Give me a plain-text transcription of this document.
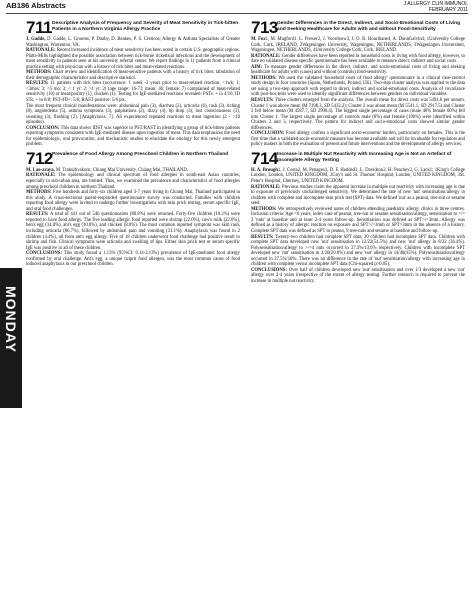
AB186 Abstracts	J ALLERGY CLIN IMMUNOL
FEBRUARY 2011
MONDAY
711 Descriptive Analysis of Frequency and Severity of Meat Sensitivity in Tick-bitten Patients in a Northern Virginia Allergy Practice

J. Gadde, D. Gadde, L. Grooms, P. Dauby, D. Beakes, P. S. Creticos; Allergy & Asthma Specialists of Greater Washington, Warrenton, VA.

RATIONALE: Recent increased incidence of meat sensitivity has been noted in certain U.S. geographic regions. Platts-Mills highlighted the possible association between tick-borne rickettsial infections and the development of meat sensitivity in patients seen at his university referral center. We report findings in 11 patients from a clinical practice setting with physician with a history of tick bites and meat-related reactions.

METHODS: Chart review and identification of meat-sensitive patients with a history of tick bites; tabulation of their demographic characteristics and descriptive statistics.

RESULTS: 11 patients with tick bites (occurrence: 1 week -2 years prior to meat-related reaction; <1wk: 1; <3mos: 3; <5 mo: 3; < 1 yr: 2; >1 yr: 2) (age range: 16-71; mean: 46; female: 7) complained of meat-related sensitivity (10) or meat/poultry (1), chicken (1). Testing for IgE-mediated reactions revealed: PSTs: + in 4/10; ID STs: + in 8/8; PST-/ID+: 5/6; RAST positive: 5/6 pts.

The most frequent clinical manifestations were: abdominal pain (3), diarrhea (2), urticaria (6), rash (3), itching (8), angioedema (5), asthma symptoms (3), palpitations (2), dizzy (4), bp drop (3), lost consciousness (3), sweating (3), flushing (2). [Anaphylaxis: 7]. All experienced repeated reactions to meat ingestion (2 - >10 episodes).

CONCLUSION: This data shows IDST was superior to PST/RAST in identifying a group of tick-bitten patients reporting symptoms consistent with IgE-mediated disease upon ingestion of meat. This data emphasizes the need for epidemiologic, oral provocation, and mechanistic studies to elucidate the etiology for this newly emergent problem.

712 Prevalence of Food Allergy Among Preschool Children in Northern Thailand

M. Lao-araya, M. Trakultivakorn; Chiang Mai University, Chiang Mai, THAILAND.

RATIONALE: The epidemiology and clinical spectrum of food allergies in south-east Asian countries, especially in sub-urban area, are limited. Thus, we examined the prevalence and characteristics of food allergies among preschool children in northern Thailand.

METHODS: Five hundreds and forty-six children aged 3-7 years living in Chiang Mai, Thailand participated in this study. A cross-sectional parent-responded questionnaire survey was conducted. Families with children reporting food allergy were invited to undergo further investigations with skin prick testing, serum specific IgE, and oral food challenges.

RESULTS: A total of 441 out of 546 questionnaires (80.8%) were returned. Forty-five children (10.2%) were reported to have food allergy. The five leading allergic food reported were shrimp (22.0%), cow's milk (22.0%), hen's egg (14.0%), ant's egg (10.0%), and chicken (8.0%). The most common reported symptom was skin rash, including urticaria (86.7%), followed by abdominal pain and vomiting (31.1%). Anaphylaxis was found in 2 children (4.4%), all from ant's egg allergy. Five of 18 children underwent food challenge had positive result to shrimp and fish. Clinical symptoms were urticaria and swelling of lips. Either skin prick test or serum specific IgE was positive in all of these children.

CONCLUSIONS: This study found a 1.13% (95%CI: 0.14-2.13%) prevalence of IgE-mediated food allergy confirmed by oral challenge. Ant's egg, a unique culprit food allergen, was the most common cause of food induced anaphylaxis in our preschool children.

713 Gender Differences in the Direct, Indirect, and Socio-Emotional Costs of Living and Seeking Healthcare for Adults with and without Food-Sensitivity

M. Fox1, M. Mugford1, L. Frewer2, J. Voordouw3, J. O. B. Hourihane4, A. DunnGalvin4; 1University College Cork, Cork, IRELAND, 2Wageningen University, Wageningen, NETHERLANDS, 3Wageningen Universiteit, Wageningen, NETHERLANDS, 4University College Cork, Cork, IRELAND.

RATIONALE: Gender differences have been reported in household costs in living with food allergy, however, to date no validated disease specific questionnaire has been available to measure direct, indirect and social costs.

AIM: To measure gender differences in the direct, indirect, and socio-emotional costs of living and seeking healthcare for adults with (cases) and without (controls) food-sensitivity.

METHODS: We used the validated 'household costs of food allergy' questionnaire in a clinical case-control study design in four countries (Spain, Netherlands, Poland, UK). Two-step cluster analysis was applied to the data set using a two-step approach with regard to direct, indirect and social-emotional costs. Analysis of covariance with post-hoc tests were used to identify significant differences between genders on individual variables.

RESULTS: Three clusters emerged from the analysis. The overall mean for direct costs was 5491.0 per annum. Cluster 1 was above mean (M 7198.3, SD 5433.2); Cluster 2 was about mean (M 5541.1, SD 2917.5) and Cluster 3 fell below mean (M 4587.7, SD 2990.4). The biggest single percentage of cases (male 40% female 60%) fell into Cluster 1. The largest single percentage of controls male (0%) and female (100%) were identified within Clusters 2 and 3, respectively. The pattern for indirect and socio-emotional costs showed similar gender differences.

CONCLUSION: Food allergy confers a significant socio-economic burden, particularly on females. This is the first time that a validated socio-economic measure has become available and will be invaluable for regulators and policy makers in both the evaluation of present and future interventions and the development of allergy services.

714 Increase in Multiple Nut Reactivity with Increasing Age is Not an Artefact of Incomplete Allergy Testing

H. A. Brough1, J. Costa2, M. Penagos1, D. F. Haddad3, L. Davidson2, H. Peachey2, G. Lack1; 1King's College London, London, UNITED KINGDOM, 2Guy's and St. Thomas' Hospital, London, UNITED KINGDOM, 3St. Peter's Hospital, Chertsey, UNITED KINGDOM.

RATIONALE: Previous studies claim the apparent increase in multiple nut reactivity with increasing age is due to exposure of previously unchallenged sensitivity. We determined the rate of new 'nut' sensitisation/allergy in children with complete and incomplete skin prick test (SPT) data. We defined 'nut' as a peanut, tree-nut or sesame seed.

METHODS: We retrospectively reviewed notes of children attending paediatric allergy clinics in three centres. Inclusion criteria: Age <6 years, index case of peanut, tree-nut or sesame sensitisation/allergy, sensitisation to >/= 3 'nuts' at baseline and at least 2-4 years follow-up. Sensitisation was defined as SPT>/=3mm. Allergy was defined as a history of allergic reaction on exposure and SPT>/=3mm or SPT>3mm in the absence of a history. Complete SPT data was defined as SPT to peanut, 9 tree-nuts and sesame at baseline and follow-up.

RESULTS: Twenty-two children had complete SPT data; 20 children had incomplete SPT data. Children with complete SPT data developed new 'nut' sensitisation in 12/22(54.5%) and new 'nut' allergy in 8/22 (36.4%). Polysensitisation/allergy to >/=4 nuts occurred in 27.3%/13.6% respectively. Children with incomplete SPT developed new 'nut' sensitisation in 4/20(20.0%) and new 'nut' allergy in 14/40(35%). Polysensitisation/allergy occurred in 37.5%/10%. There was no difference in the rate of 'nut' sensitisation/allergy with increasing age in children with complete versus incomplete SPT data (Chi-squared p>0.05).

CONCLUSIONS: Over half of children developed new 'nut' sensitisation and over 1/3 developed a new 'nut' allergy over 2-4 years irrespective of the extent of allergy testing. Further research is required to prevent the increase in multiple nut reactivity.
